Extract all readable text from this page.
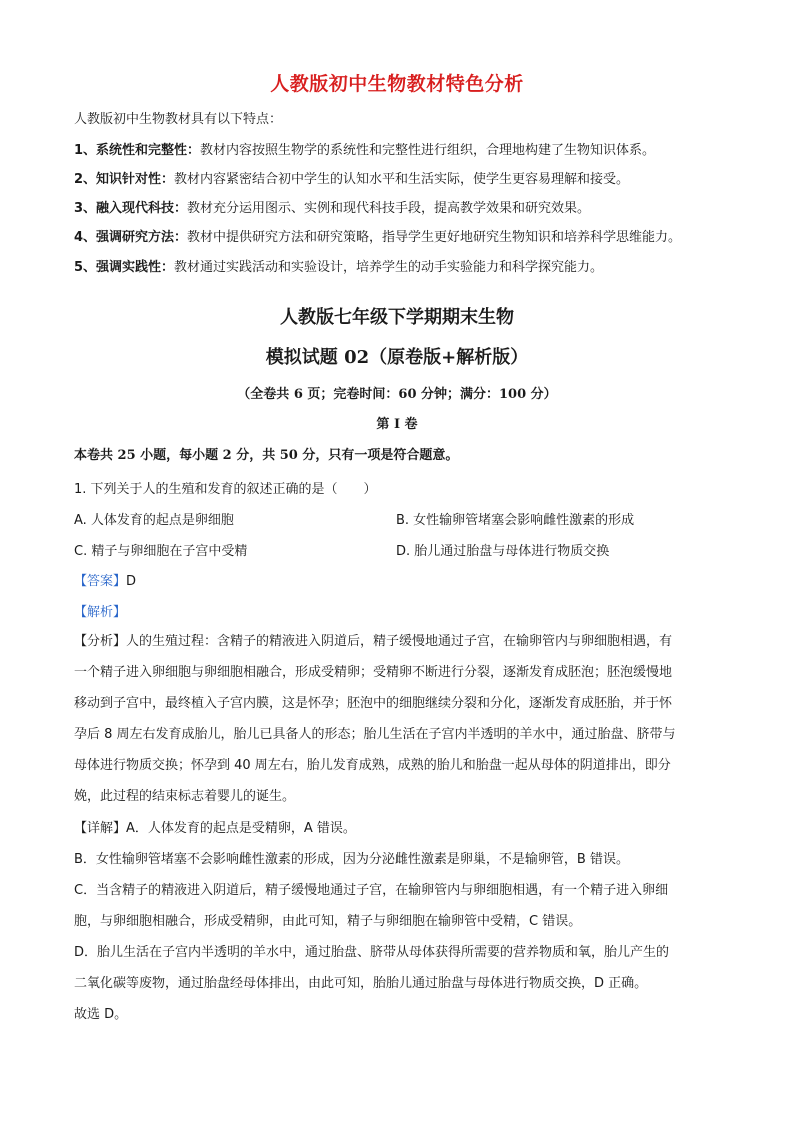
人教版初中生物教材特色分析
人教版初中生物教材具有以下特点：
1、系统性和完整性：教材内容按照生物学的系统性和完整性进行组织，合理地构建了生物知识体系。
2、知识针对性：教材内容紧密结合初中学生的认知水平和生活实际，使学生更容易理解和接受。
3、融入现代科技：教材充分运用图示、实例和现代科技手段，提高教学效果和研究效果。
4、强调研究方法：教材中提供研究方法和研究策略，指导学生更好地研究生物知识和培养科学思维能力。
5、强调实践性：教材通过实践活动和实验设计，培养学生的动手实验能力和科学探究能力。
人教版七年级下学期期末生物
模拟试题 02（原卷版+解析版）
（全卷共 6 页；完卷时间：60 分钟；满分：100 分）
第 I 卷
本卷共 25 小题，每小题 2 分，共 50 分，只有一项是符合题意。
1. 下列关于人的生殖和发育的叙述正确的是（　　）
A. 人体发育的起点是卵细胞	B. 女性输卵管堵塞会影响雌性激素的形成
C. 精子与卵细胞在子宫中受精	D. 胎儿通过胎盘与母体进行物质交换
【答案】D
【解析】
【分析】人的生殖过程：含精子的精液进入阴道后，精子缓慢地通过子宫，在输卵管内与卵细胞相遇，有
一个精子进入卵细胞与卵细胞相融合，形成受精卵；受精卵不断进行分裂，逐渐发育成胚泡；胚泡缓慢地
移动到子宫中，最终植入子宫内膜，这是怀孕；胚泡中的细胞继续分裂和分化，逐渐发育成胚胎，并于怀
孕后 8 周左右发育成胎儿，胎儿已具备人的形态；胎儿生活在子宫内半透明的羊水中，通过胎盘、脐带与
母体进行物质交换；怀孕到 40 周左右，胎儿发育成熟，成熟的胎儿和胎盘一起从母体的阴道排出，即分
娩，此过程的结束标志着婴儿的诞生。
【详解】A．人体发育的起点是受精卵，A 错误。
B．女性输卵管堵塞不会影响雌性激素的形成，因为分泌雌性激素是卵巢，不是输卵管，B 错误。
C．当含精子的精液进入阴道后，精子缓慢地通过子宫，在输卵管内与卵细胞相遇，有一个精子进入卵细
胞，与卵细胞相融合，形成受精卵，由此可知，精子与卵细胞在输卵管中受精，C 错误。
D．胎儿生活在子宫内半透明的羊水中，通过胎盘、脐带从母体获得所需要的营养物质和氧，胎儿产生的
二氧化碳等废物，通过胎盘经母体排出，由此可知，胎胎儿通过胎盘与母体进行物质交换，D 正确。
故选 D。
